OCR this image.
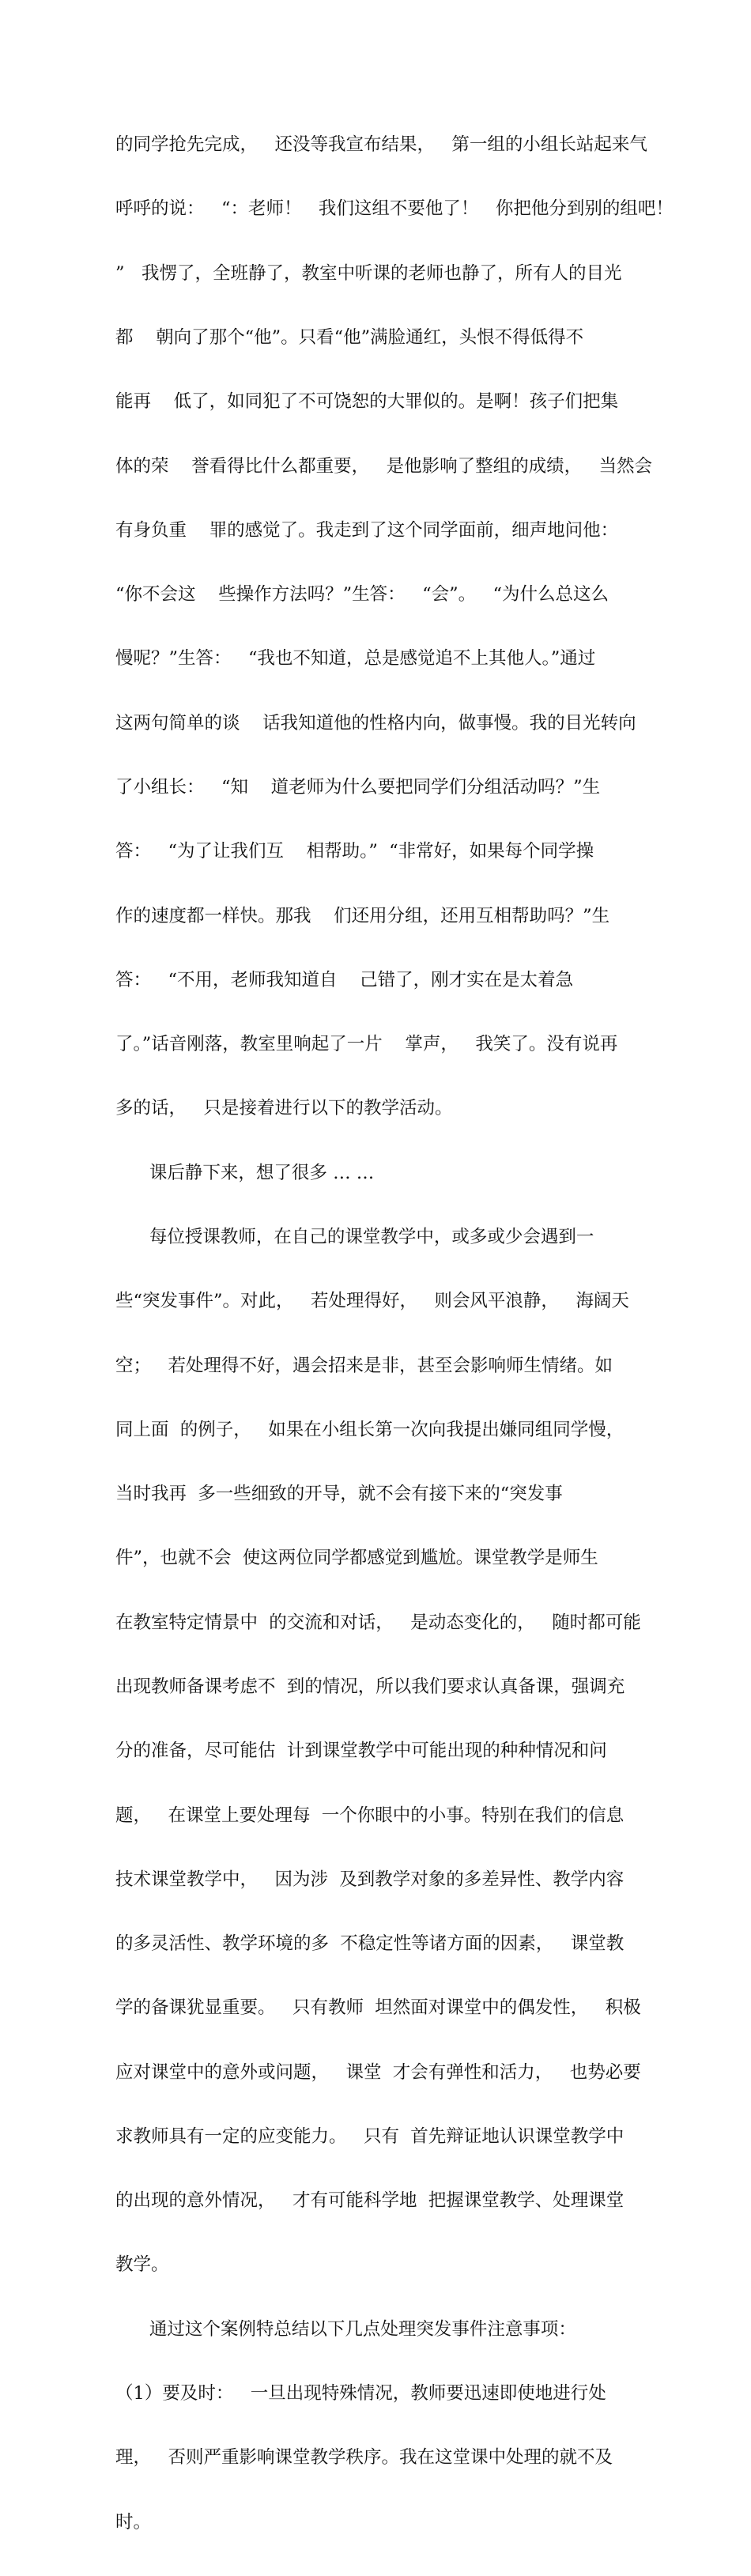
的同学抢先完成，   还没等我宣布结果，   第一组的小组长站起来气

呼呼的说：   “：老师！   我们这组不要他了！   你把他分到别的组吧！

”   我愣了，全班静了，教室中听课的老师也静了，所有人的目光

都    朝向了那个“他”。只看“他”满脸通红，头恨不得低得不

能再    低了，如同犯了不可饶恕的大罪似的。是啊！孩子们把集

体的荣    誉看得比什么都重要，   是他影响了整组的成绩，   当然会

有身负重    罪的感觉了。我走到了这个同学面前，细声地问他：

“你不会这    些操作方法吗？”生答：   “会”。   “为什么总这么

慢呢？”生答：   “我也不知道，总是感觉追不上其他人。”通过

这两句简单的谈    话我知道他的性格内向，做事慢。我的目光转向

了小组长：   “知    道老师为什么要把同学们分组活动吗？”生

答：   “为了让我们互    相帮助。”  “非常好，如果每个同学操

作的速度都一样快。那我    们还用分组，还用互相帮助吗？”生

答：   “不用，老师我知道自    己错了，刚才实在是太着急

了。”话音刚落，教室里响起了一片    掌声，   我笑了。没有说再

多的话，   只是接着进行以下的教学活动。

课后静下来，想了很多 … …

每位授课教师，在自己的课堂教学中，或多或少会遇到一

些“突发事件”。对此，   若处理得好，   则会风平浪静，   海阔天

空；   若处理得不好，遇会招来是非，甚至会影响师生情绪。如

同上面  的例子，   如果在小组长第一次向我提出嫌同组同学慢，

当时我再  多一些细致的开导，就不会有接下来的“突发事

件”，也就不会  使这两位同学都感觉到尴尬。课堂教学是师生

在教室特定情景中  的交流和对话，   是动态变化的，   随时都可能

出现教师备课考虑不  到的情况，所以我们要求认真备课，强调充

分的准备，尽可能估  计到课堂教学中可能出现的种种情况和问

题，   在课堂上要处理每  一个你眼中的小事。特别在我们的信息

技术课堂教学中，   因为涉  及到教学对象的多差异性、教学内容

的多灵活性、教学环境的多  不稳定性等诸方面的因素，   课堂教

学的备课犹显重要。   只有教师  坦然面对课堂中的偶发性，   积极

应对课堂中的意外或问题，   课堂  才会有弹性和活力，   也势必要

求教师具有一定的应变能力。   只有  首先辩证地认识课堂教学中

的出现的意外情况，   才有可能科学地  把握课堂教学、处理课堂

教学。

通过这个案例特总结以下几点处理突发事件注意事项：

（1）要及时：   一旦出现特殊情况，教师要迅速即使地进行处

理，   否则严重影响课堂教学秩序。我在这堂课中处理的就不及

时。
